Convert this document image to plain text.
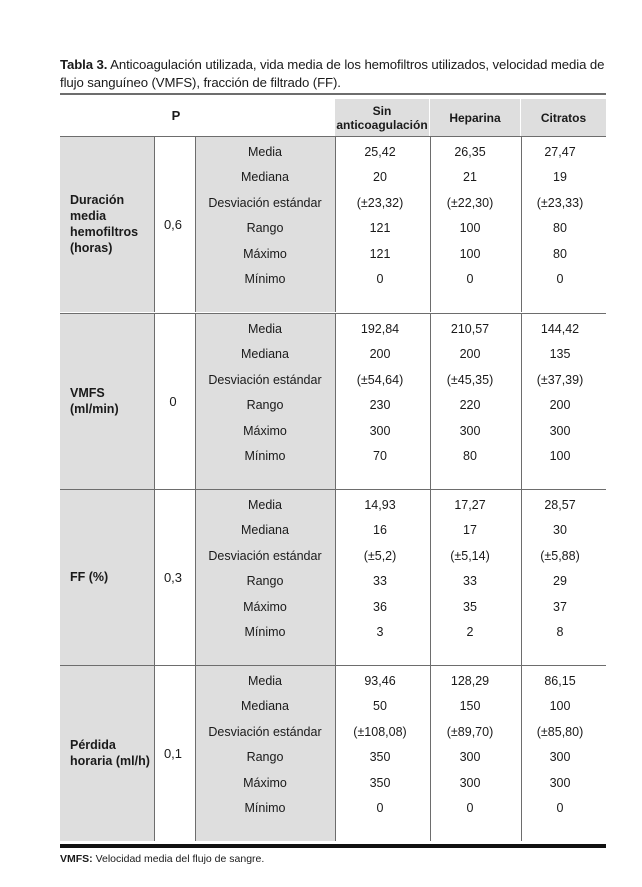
Tabla 3. Anticoagulación utilizada, vida media de los hemofiltros utilizados, velocidad media de flujo sanguíneo (VMFS), fracción de filtrado (FF).
P	Sin anticoagulación	Heparina	Citratos
Duración media hemofiltros (horas)
0,6
Media	25,42	26,35	27,47
Mediana	20	21	19
Desviación estándar	(±23,32)	(±22,30)	(±23,33)
Rango	121	100	80
Máximo	121	100	80
Mínimo	0	0	0
VMFS (ml/min)
0
Media	192,84	210,57	144,42
Mediana	200	200	135
Desviación estándar	(±54,64)	(±45,35)	(±37,39)
Rango	230	220	200
Máximo	300	300	300
Mínimo	70	80	100
FF (%)	0,3
Media	14,93	17,27	28,57
Mediana	16	17	30
Desviación estándar	(±5,2)	(±5,14)	(±5,88)
Rango	33	33	29
Máximo	36	35	37
Mínimo	3	2	8
Pérdida horaria (ml/h)
0,1
Media	93,46	128,29	86,15
Mediana	50	150	100
Desviación estándar	(±108,08)	(±89,70)	(±85,80)
Rango	350	300	300
Máximo	350	300	300
Mínimo	0	0	0
VMFS: Velocidad media del flujo de sangre.
